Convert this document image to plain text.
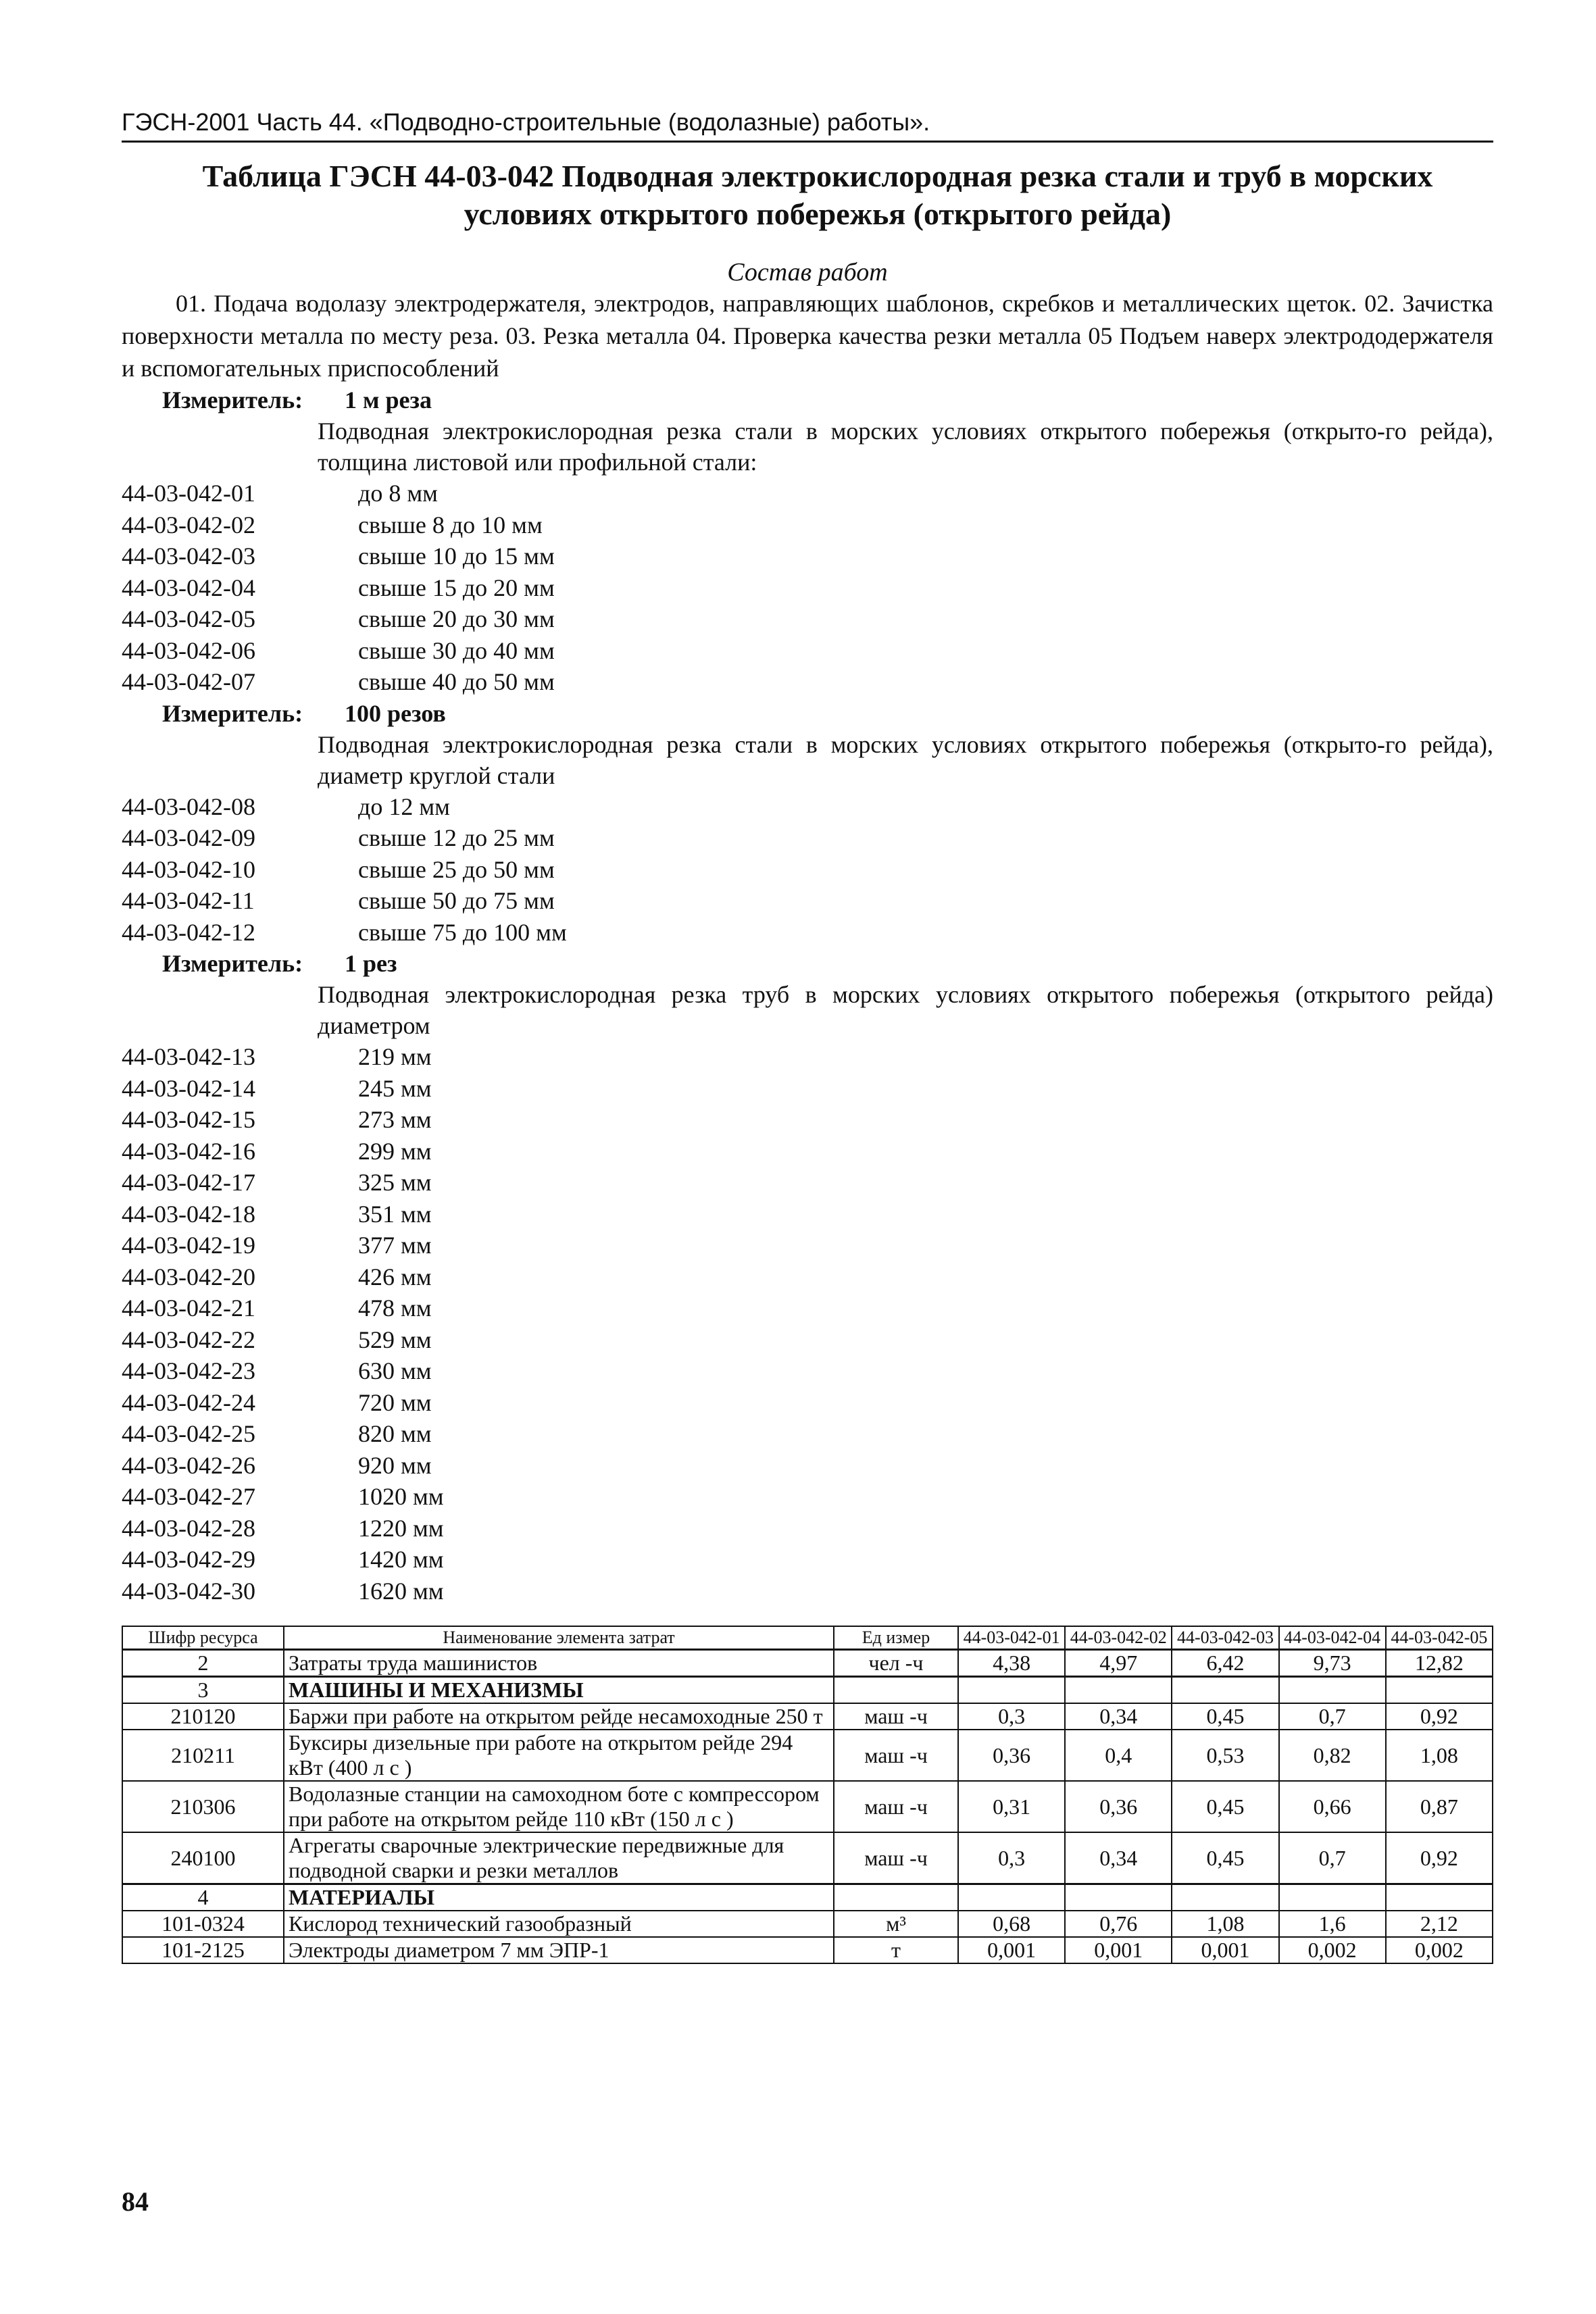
ГЭСН-2001 Часть 44. «Подводно-строительные (водолазные) работы».
Таблица ГЭСН 44-03-042 Подводная электрокислородная резка стали и труб в морских
условиях открытого побережья (открытого рейда)
Состав работ
01. Подача водолазу электродержателя, электродов, направляющих шаблонов, скребков и металлических щеток. 02. Зачистка поверхности металла по месту реза. 03. Резка металла 04. Проверка качества резки металла 05 Подъем наверх электрододержателя и вспомогательных приспособлений
Измеритель: 1 м реза
Подводная электрокислородная резка стали в морских условиях открытого побережья (открыто-го рейда), толщина листовой или профильной стали:
44-03-042-01	до 8 мм
44-03-042-02	свыше 8 до 10 мм
44-03-042-03	свыше 10 до 15 мм
44-03-042-04	свыше 15 до 20 мм
44-03-042-05	свыше 20 до 30 мм
44-03-042-06	свыше 30 до 40 мм
44-03-042-07	свыше 40 до 50 мм
Измеритель: 100 резов
Подводная электрокислородная резка стали в морских условиях открытого побережья (открыто-го рейда), диаметр круглой стали
44-03-042-08	до 12 мм
44-03-042-09	свыше 12 до 25 мм
44-03-042-10	свыше 25 до 50 мм
44-03-042-11	свыше 50 до 75 мм
44-03-042-12	свыше 75 до 100 мм
Измеритель: 1 рез
Подводная электрокислородная резка труб в морских условиях открытого побережья (открытого рейда) диаметром
44-03-042-13	219 мм
44-03-042-14	245 мм
44-03-042-15	273 мм
44-03-042-16	299 мм
44-03-042-17	325 мм
44-03-042-18	351 мм
44-03-042-19	377 мм
44-03-042-20	426 мм
44-03-042-21	478 мм
44-03-042-22	529 мм
44-03-042-23	630 мм
44-03-042-24	720 мм
44-03-042-25	820 мм
44-03-042-26	920 мм
44-03-042-27	1020 мм
44-03-042-28	1220 мм
44-03-042-29	1420 мм
44-03-042-30	1620 мм
Шифр ресурса	Наименование элемента затрат	Ед измер	44-03-042-01	44-03-042-02	44-03-042-03	44-03-042-04	44-03-042-05
2	Затраты труда машинистов	чел -ч	4,38	4,97	6,42	9,73	12,82
3	МАШИНЫ И МЕХАНИЗМЫ						
210120	Баржи при работе на открытом рейде несамоходные 250 т	маш -ч	0,3	0,34	0,45	0,7	0,92
210211	Буксиры дизельные при работе на открытом рейде 294 кВт (400 л с )	маш -ч	0,36	0,4	0,53	0,82	1,08
210306	Водолазные станции на самоходном боте с компрессором при работе на открытом рейде 110 кВт (150 л с )	маш -ч	0,31	0,36	0,45	0,66	0,87
240100	Агрегаты сварочные электрические передвижные для подводной сварки и резки металлов	маш -ч	0,3	0,34	0,45	0,7	0,92
4	МАТЕРИАЛЫ						
101-0324	Кислород технический газообразный	м³	0,68	0,76	1,08	1,6	2,12
101-2125	Электроды диаметром 7 мм ЭПР-1	т	0,001	0,001	0,001	0,002	0,002
84
